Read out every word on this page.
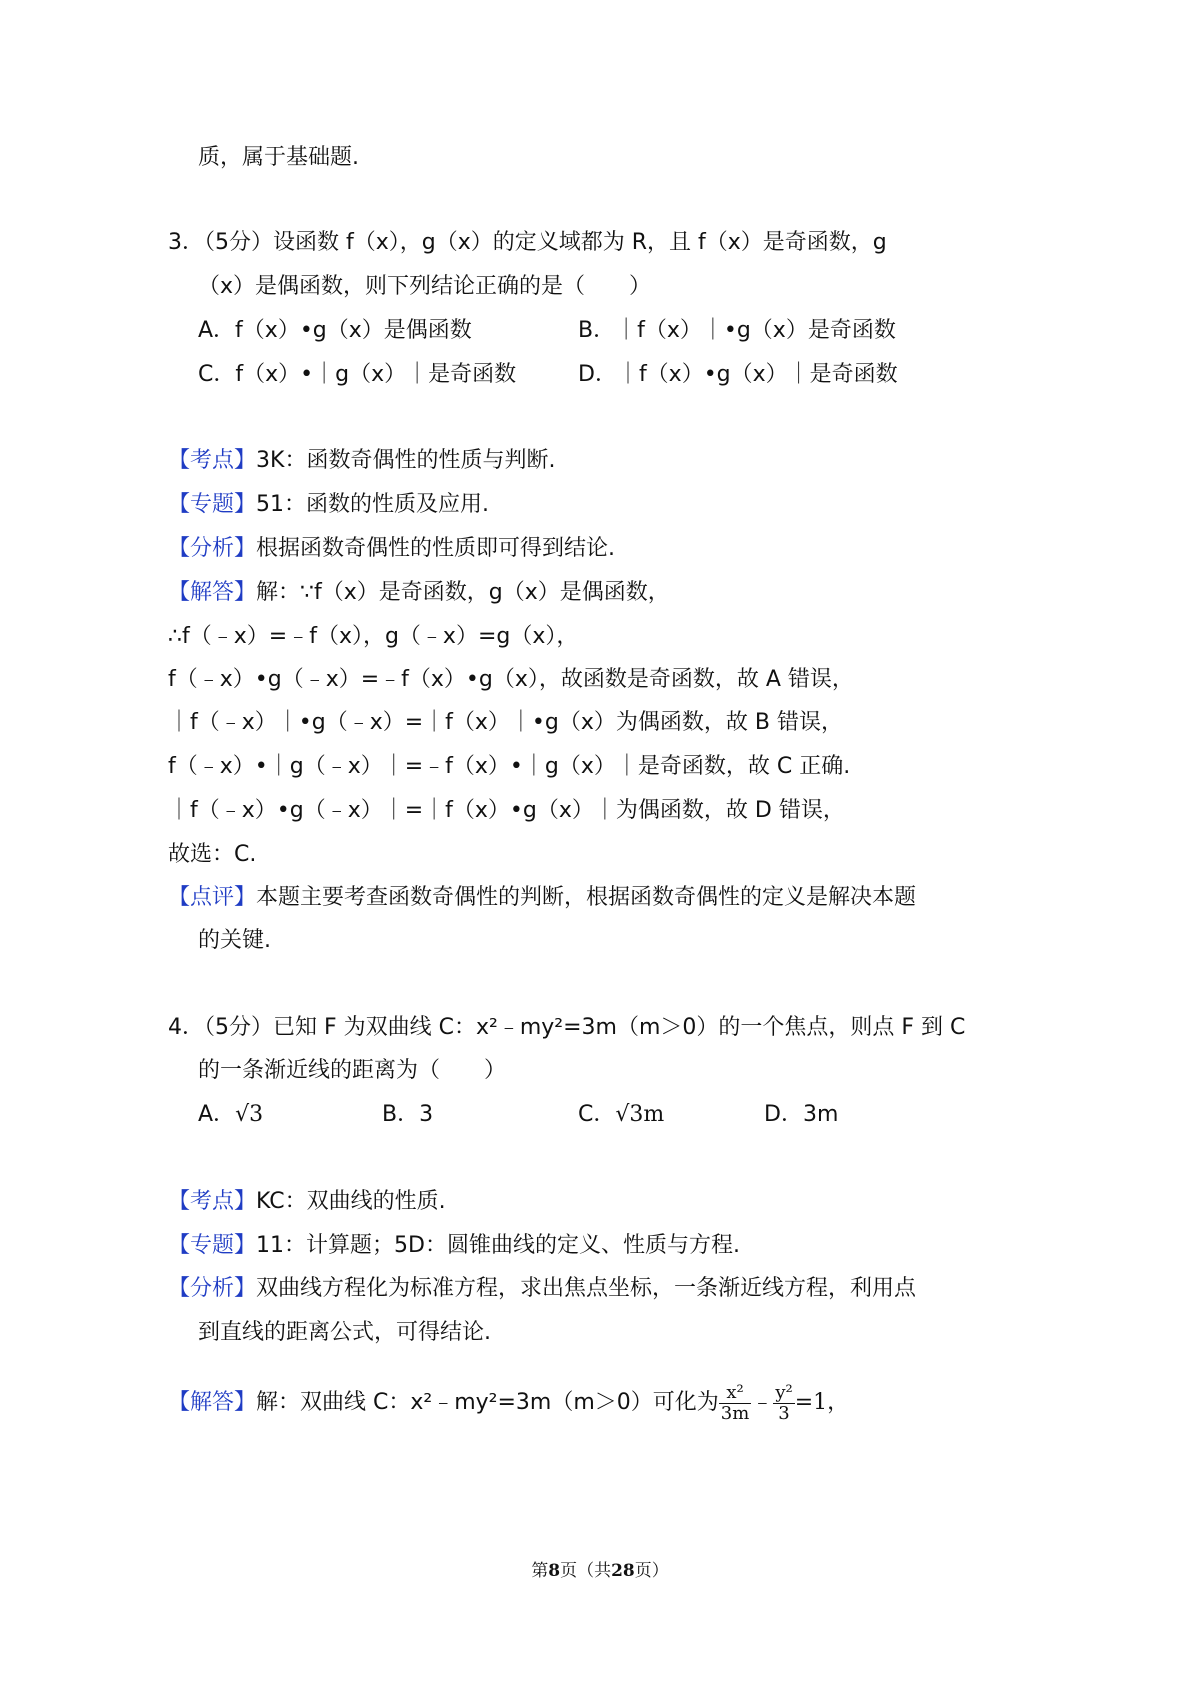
质，属于基础题.
3．（5分）设函数 f（x），g（x）的定义域都为 R，且 f（x）是奇函数，g
（x）是偶函数，则下列结论正确的是（　　）
A．f（x）•g（x）是偶函数	B．｜f（x）｜•g（x）是奇函数
C．f（x）•｜g（x）｜是奇函数	D．｜f（x）•g（x）｜是奇函数
【考点】3K：函数奇偶性的性质与判断.
【专题】51：函数的性质及应用.
【分析】根据函数奇偶性的性质即可得到结论.
【解答】解：∵f（x）是奇函数，g（x）是偶函数，
∴f（﹣x）=﹣f（x），g（﹣x）=g（x），
f（﹣x）•g（﹣x）=﹣f（x）•g（x），故函数是奇函数，故 A 错误，
｜f（﹣x）｜•g（﹣x）=｜f（x）｜•g（x）为偶函数，故 B 错误，
f（﹣x）•｜g（﹣x）｜=﹣f（x）•｜g（x）｜是奇函数，故 C 正确.
｜f（﹣x）•g（﹣x）｜=｜f（x）•g（x）｜为偶函数，故 D 错误，
故选：C.
【点评】本题主要考查函数奇偶性的判断，根据函数奇偶性的定义是解决本题
的关键.
4．（5分）已知 F 为双曲线 C：x²﹣my²=3m（m＞0）的一个焦点，则点 F 到 C
的一条渐近线的距离为（　　）
A．√3	B．3	C．√3m	D．3m
【考点】KC：双曲线的性质.
【专题】11：计算题；5D：圆锥曲线的定义、性质与方程.
【分析】双曲线方程化为标准方程，求出焦点坐标，一条渐近线方程，利用点
到直线的距离公式，可得结论.
【解答】解：双曲线 C：x²﹣my²=3m（m＞0）可化为 $\frac{\text{x²}}{3m}$ ﹣ $\frac{\text{y²}}{3} =1$，
第8页（共28页）
